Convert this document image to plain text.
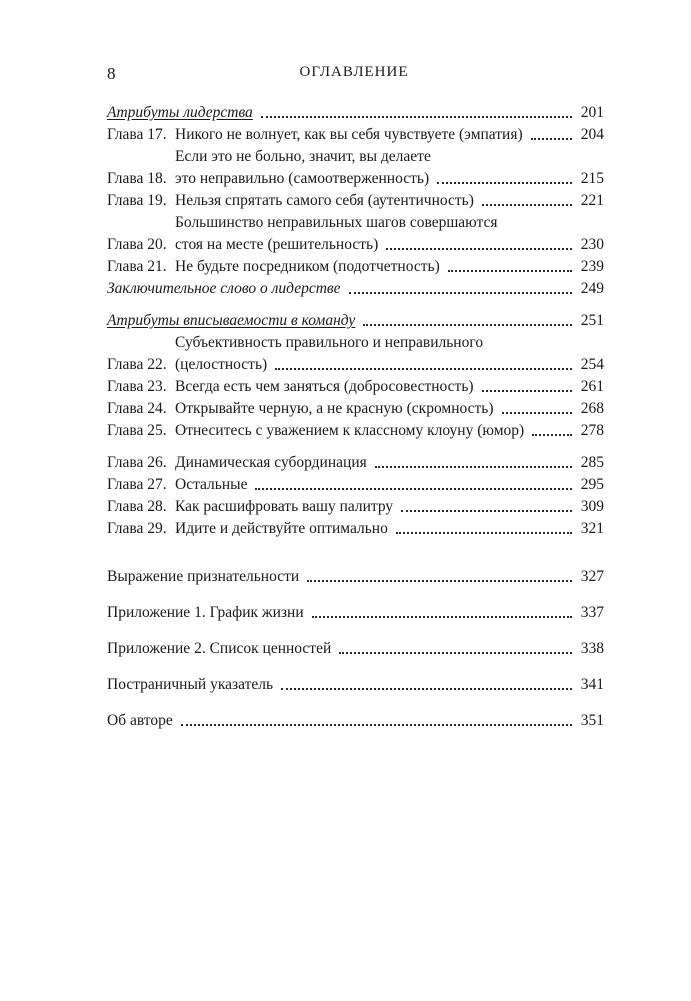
8	ОГЛАВЛЕНИЕ
Атрибуты лидерства	201
Глава 17. Никого не волнует, как вы себя чувствуете (эмпатия)	204
Глава 18.
Если это не больно, значит, вы делаете
это неправильно (самоотверженность)	215
Глава 19. Нельзя спрятать самого себя (аутентичность)	221
Глава 20.
Большинство неправильных шагов совершаются
стоя на месте (решительность)	230
Глава 21. Не будьте посредником (подотчетность)	239
Заключительное слово о лидерстве	249
Атрибуты вписываемости в команду	251
Глава 22.
Субъективность правильного и неправильного
(целостность)	254
Глава 23. Всегда есть чем заняться (добросовестность)	261
Глава 24. Открывайте черную, а не красную (скромность)	268
Глава 25. Отнеситесь с уважением к классному клоуну (юмор)	278
Глава 26. Динамическая субординация	285
Глава 27. Остальные	295
Глава 28. Как расшифровать вашу палитру	309
Глава 29. Идите и действуйте оптимально	321
Выражение признательности	327
Приложение 1. График жизни	337
Приложение 2. Список ценностей	338
Постраничный указатель	341
Об авторе	351
